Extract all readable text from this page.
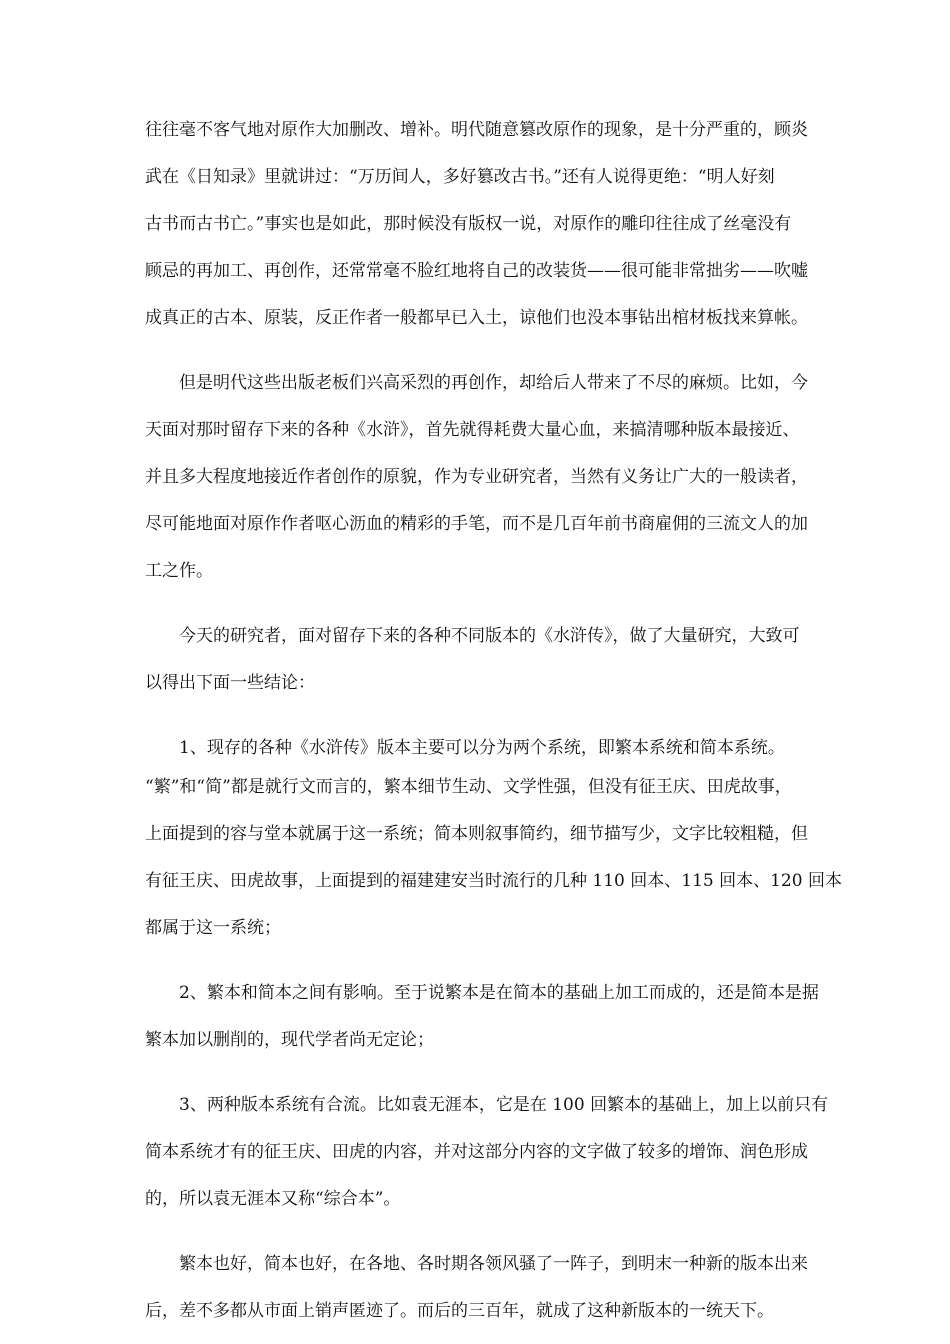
往往毫不客气地对原作大加删改、增补。明代随意篡改原作的现象，是十分严重的，顾炎
武在《日知录》里就讲过：“万历间人，多好篡改古书。”还有人说得更绝：“明人好刻
古书而古书亡。”事实也是如此，那时候没有版权一说，对原作的雕印往往成了丝毫没有
顾忌的再加工、再创作，还常常毫不脸红地将自己的改装货——很可能非常拙劣——吹嘘
成真正的古本、原装，反正作者一般都早已入土，谅他们也没本事钻出棺材板找来算帐。
但是明代这些出版老板们兴高采烈的再创作，却给后人带来了不尽的麻烦。比如，今
天面对那时留存下来的各种《水浒》，首先就得耗费大量心血，来搞清哪种版本最接近、
并且多大程度地接近作者创作的原貌，作为专业研究者，当然有义务让广大的一般读者，
尽可能地面对原作作者呕心沥血的精彩的手笔，而不是几百年前书商雇佣的三流文人的加
工之作。
今天的研究者，面对留存下来的各种不同版本的《水浒传》，做了大量研究，大致可
以得出下面一些结论：
1、现存的各种《水浒传》版本主要可以分为两个系统，即繁本系统和简本系统。
“繁”和“简”都是就行文而言的，繁本细节生动、文学性强，但没有征王庆、田虎故事，
上面提到的容与堂本就属于这一系统；简本则叙事简约，细节描写少，文字比较粗糙，但
有征王庆、田虎故事，上面提到的福建建安当时流行的几种 110 回本、115 回本、120 回本
都属于这一系统；
2、繁本和简本之间有影响。至于说繁本是在简本的基础上加工而成的，还是简本是据
繁本加以删削的，现代学者尚无定论；
3、两种版本系统有合流。比如袁无涯本，它是在 100 回繁本的基础上，加上以前只有
简本系统才有的征王庆、田虎的内容，并对这部分内容的文字做了较多的增饰、润色形成
的，所以袁无涯本又称“综合本”。
繁本也好，简本也好，在各地、各时期各领风骚了一阵子，到明末一种新的版本出来
后，差不多都从市面上销声匿迹了。而后的三百年，就成了这种新版本的一统天下。
